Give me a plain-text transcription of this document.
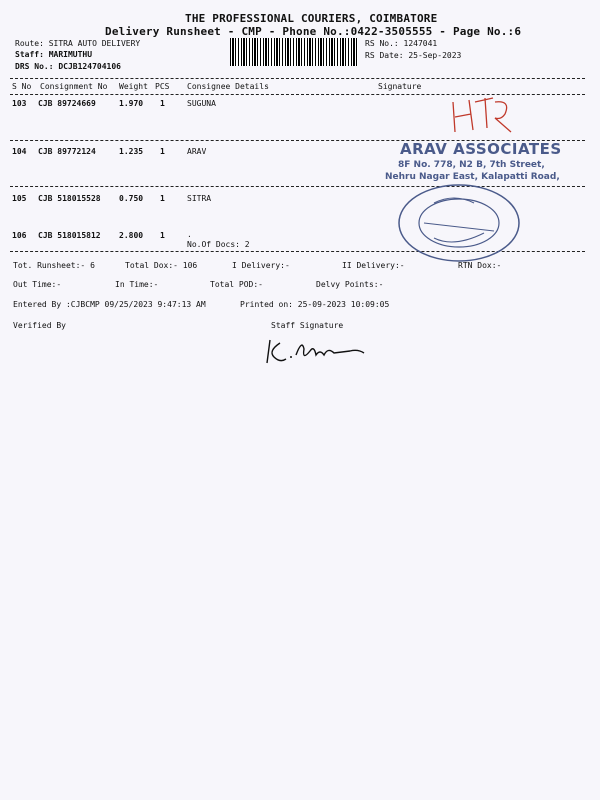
THE PROFESSIONAL COURIERS, COIMBATORE
Delivery Runsheet - CMP - Phone No.:0422-3505555 - Page No.:6
Route: SITRA AUTO DELIVERY
Staff: MARIMUTHU
DRS No.: DCJB124704106
RS No.: 1247041
RS Date: 25-Sep-2023
S No Consignment No Weight PCS Consignee Details	Signature
103 CJB 89724669	1.970 1	SUGUNA
104 CJB 89772124	1.235 1	ARAV
105 CJB 518015528 0.750 1	SITRA
106 CJB 518015812 2.800 1	.
No.Of Docs: 2
Tot. Runsheet:- 6	Total Dox:- 106	I Delivery:-	II Delivery:-	RTN Dox:-
Out Time:-	In Time:-	Total POD:-	Delvy Points:-
Entered By :CJBCMP 09/25/2023 9:47:13 AM	Printed on: 25-09-2023 10:09:05
Verified By	Staff Signature
ARAV ASSOCIATES
8F No. 778, N2 B, 7th Street,
Nehru Nagar East, Kalapatti Road,
